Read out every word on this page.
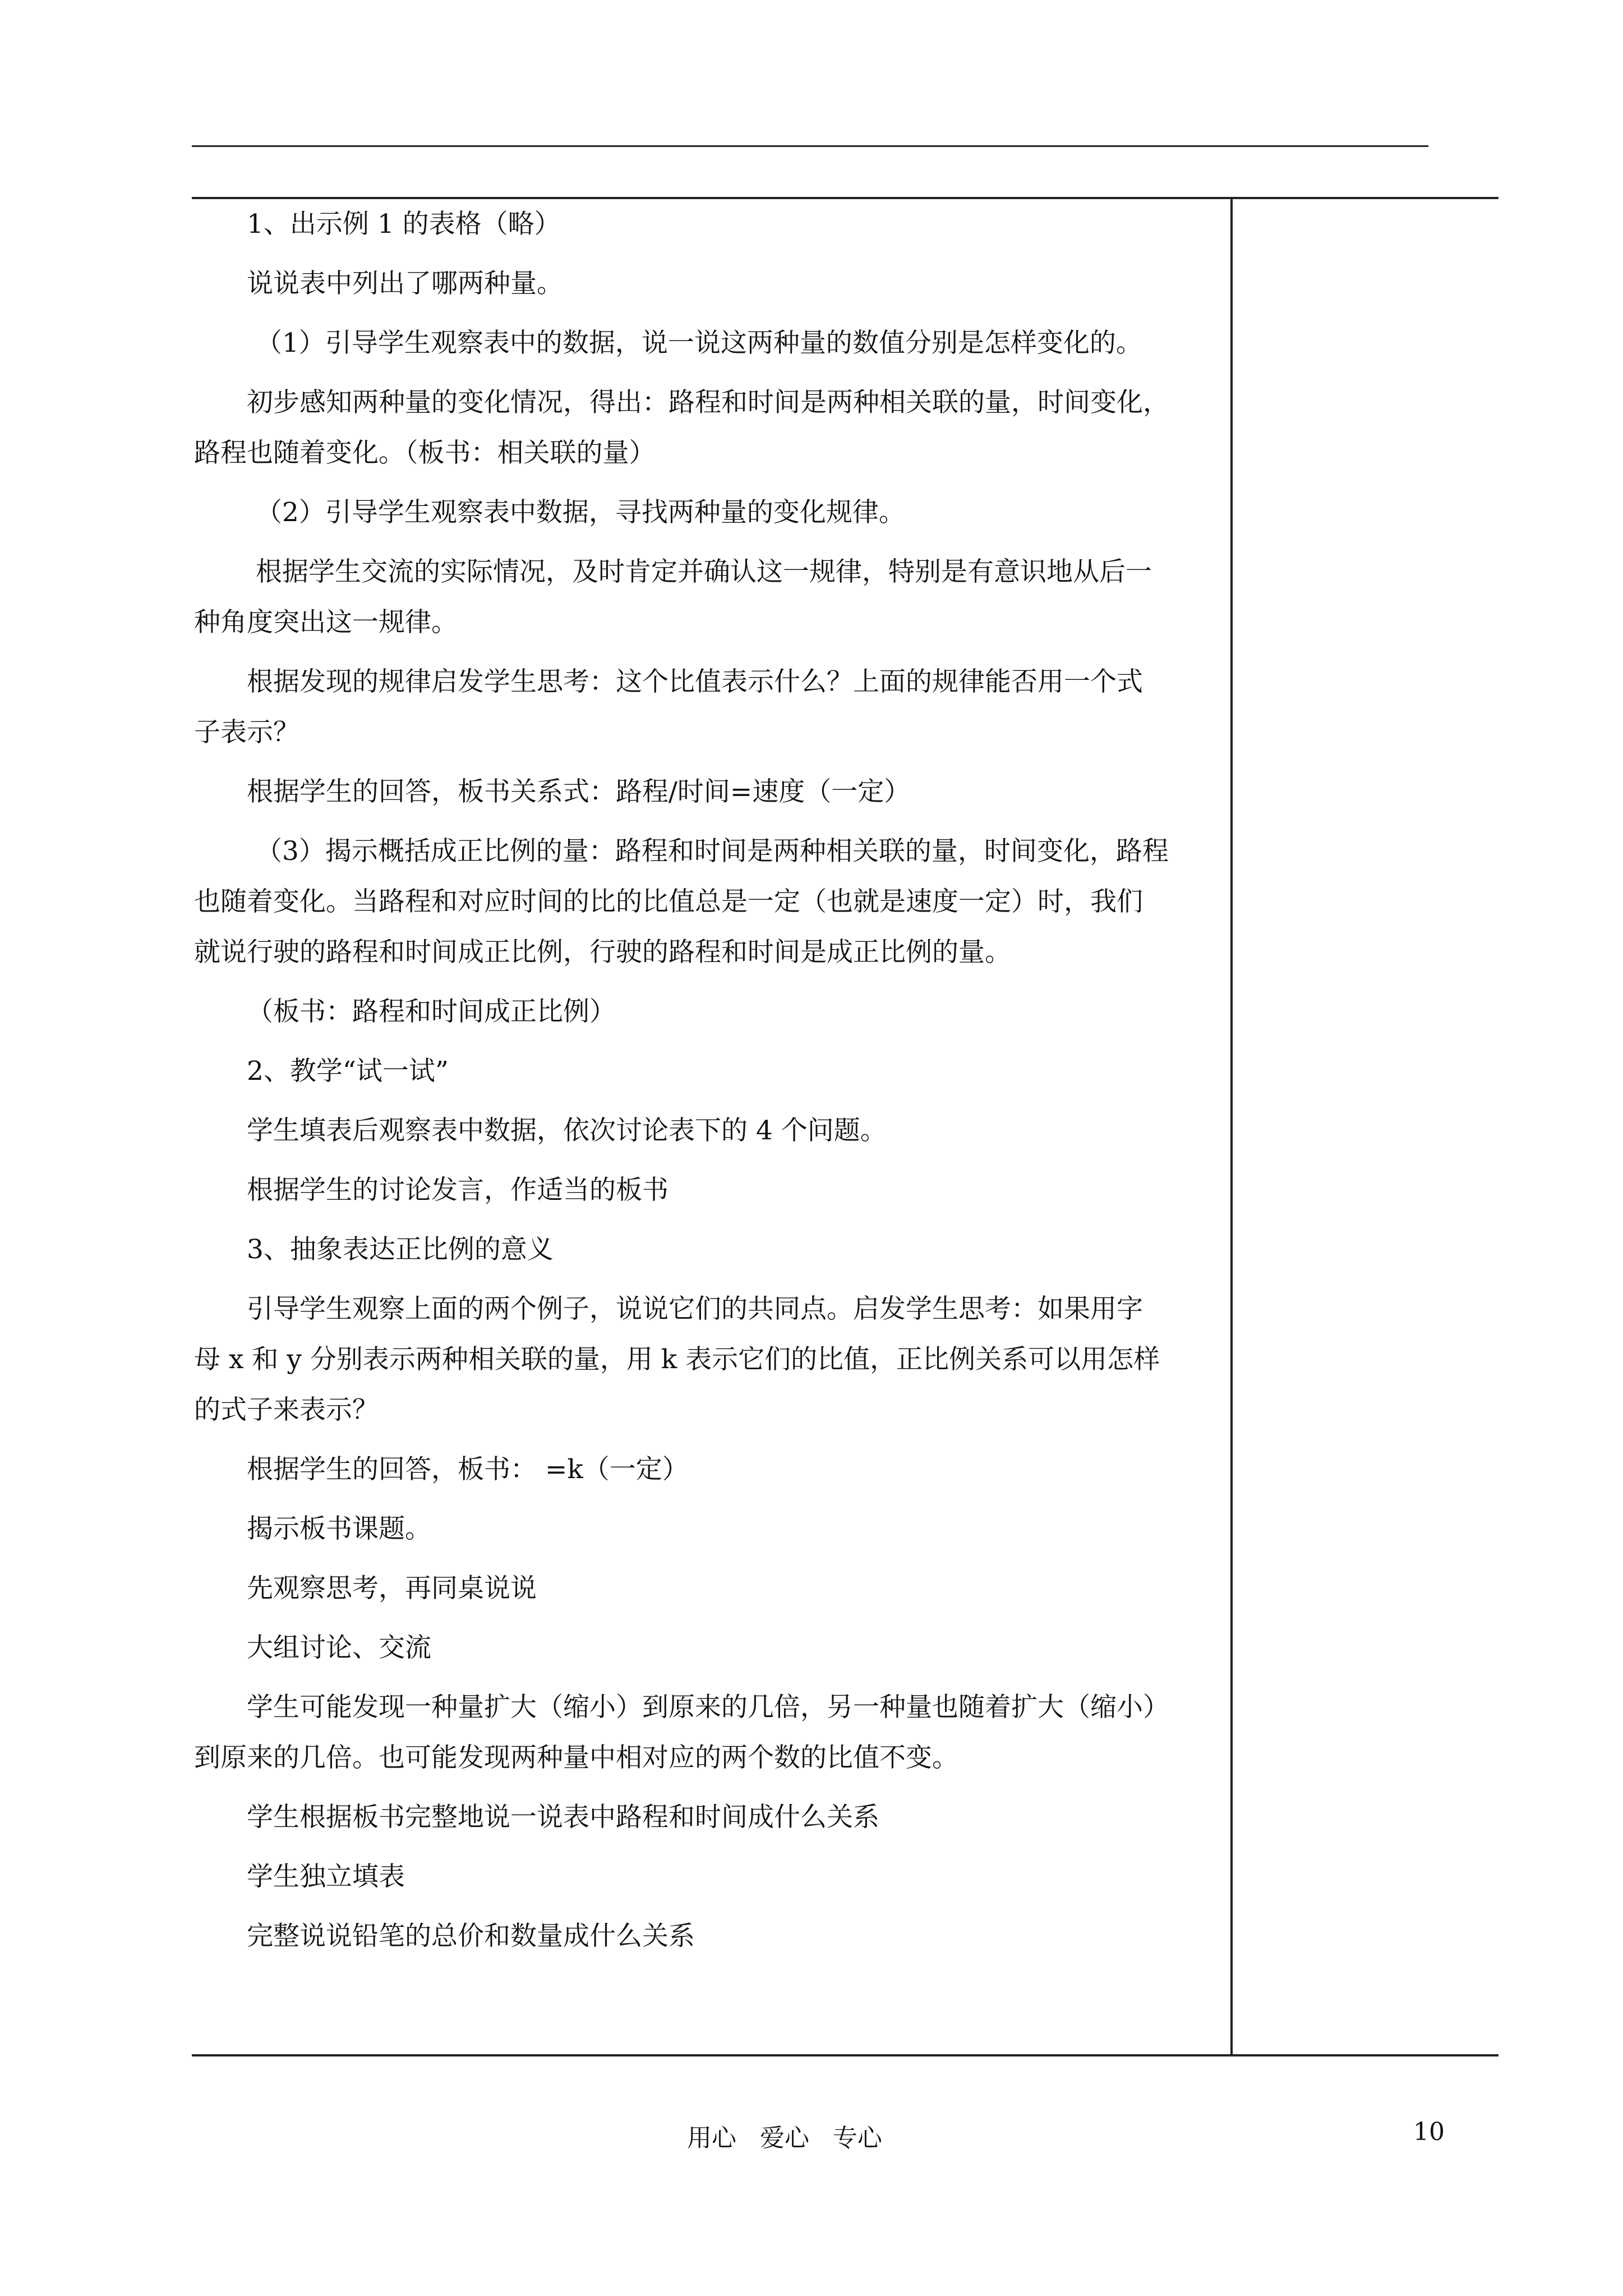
1、出示例 1 的表格（略）
说说表中列出了哪两种量。
（1）引导学生观察表中的数据，说一说这两种量的数值分别是怎样变化的。
初步感知两种量的变化情况，得出：路程和时间是两种相关联的量，时间变化，
路程也随着变化。（板书：相关联的量）
（2）引导学生观察表中数据，寻找两种量的变化规律。
根据学生交流的实际情况，及时肯定并确认这一规律，特别是有意识地从后一
种角度突出这一规律。
根据发现的规律启发学生思考：这个比值表示什么？上面的规律能否用一个式
子表示？
根据学生的回答，板书关系式：路程/时间=速度（一定）
（3）揭示概括成正比例的量：路程和时间是两种相关联的量，时间变化，路程
也随着变化。当路程和对应时间的比的比值总是一定（也就是速度一定）时，我们
就说行驶的路程和时间成正比例，行驶的路程和时间是成正比例的量。
（板书：路程和时间成正比例）
2、教学“试一试”
学生填表后观察表中数据，依次讨论表下的 4 个问题。
根据学生的讨论发言，作适当的板书
3、抽象表达正比例的意义
引导学生观察上面的两个例子，说说它们的共同点。启发学生思考：如果用字
母 x 和 y 分别表示两种相关联的量，用 k 表示它们的比值，正比例关系可以用怎样
的式子来表示？
根据学生的回答，板书： =k（一定）
揭示板书课题。
先观察思考，再同桌说说
大组讨论、交流
学生可能发现一种量扩大（缩小）到原来的几倍，另一种量也随着扩大（缩小）
到原来的几倍。也可能发现两种量中相对应的两个数的比值不变。
学生根据板书完整地说一说表中路程和时间成什么关系
学生独立填表
完整说说铅笔的总价和数量成什么关系
用心   爱心   专心	10
